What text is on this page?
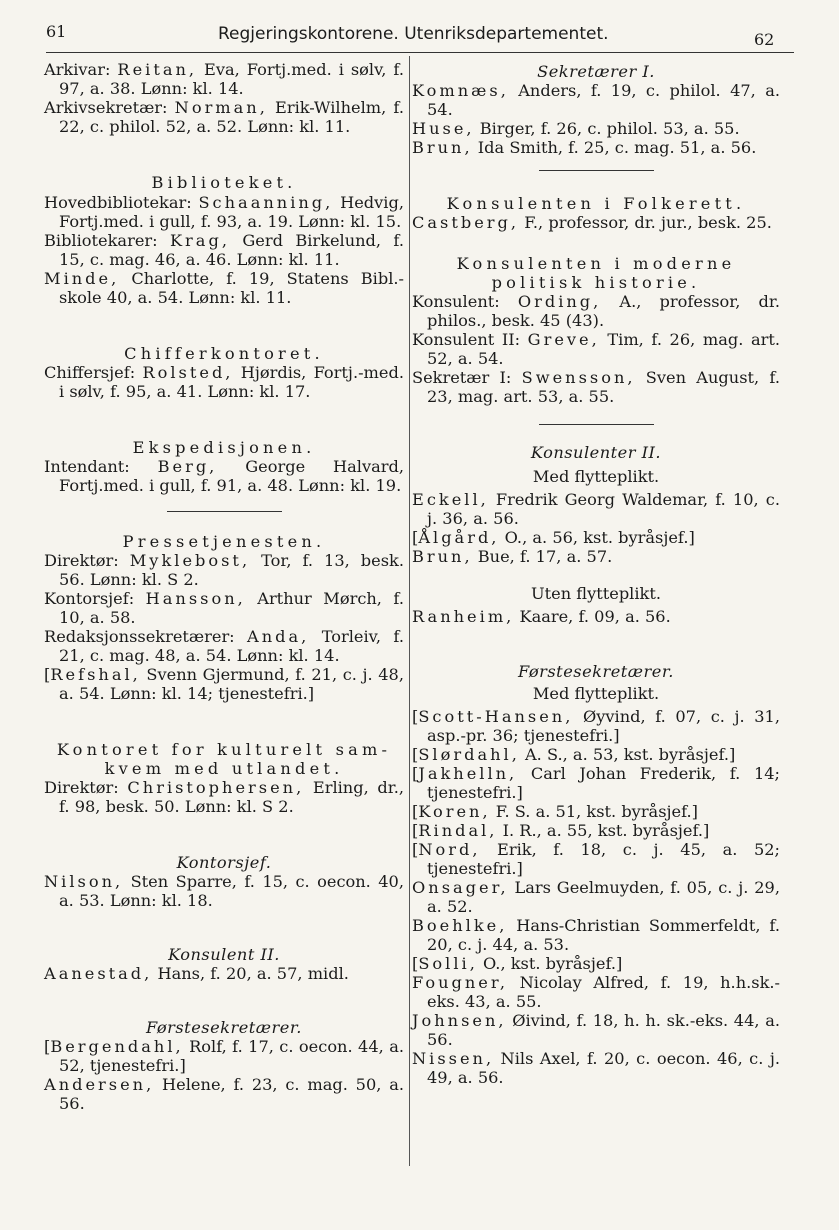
61	Regjeringskontorene. Utenriksdepartementet.	62

Arkivar: Reitan, Eva, Fortj.med. i sølv, f. 97, a. 38. Lønn: kl. 14.

Arkivsekretær: Norman, Erik-Wilhelm, f. 22, c. philol. 52, a. 52. Lønn: kl. 11.

Biblioteket.

Hovedbibliotekar: Schaanning, Hedvig, Fortj.med. i gull, f. 93, a. 19. Lønn: kl. 15.

Bibliotekarer: Krag, Gerd Birkelund, f. 15, c. mag. 46, a. 46. Lønn: kl. 11.

Minde, Charlotte, f. 19, Statens Bibl.-skole 40, a. 54. Lønn: kl. 11.

Chifferkontoret.

Chiffersjef: Rolsted, Hjørdis, Fortj.-med. i sølv, f. 95, a. 41. Lønn: kl. 17.

Ekspedisjonen.

Intendant: Berg, George Halvard, Fortj.med. i gull, f. 91, a. 48. Lønn: kl. 19.

Pressetjenesten.

Direktør: Myklebost, Tor, f. 13, besk. 56. Lønn: kl. S 2.

Kontorsjef: Hansson, Arthur Mørch, f. 10, a. 58.

Redaksjonssekretærer: Anda, Torleiv, f. 21, c. mag. 48, a. 54. Lønn: kl. 14.

[Refshal, Svenn Gjermund, f. 21, c. j. 48, a. 54. Lønn: kl. 14; tjenestefri.]

Kontoret for kulturelt sam-

kvem med utlandet.

Direktør: Christophersen, Erling, dr., f. 98, besk. 50. Lønn: kl. S 2.

Kontorsjef.

Nilson, Sten Sparre, f. 15, c. oecon. 40, a. 53. Lønn: kl. 18.

Konsulent II.

Aanestad, Hans, f. 20, a. 57, midl.

Førstesekretærer.

[Bergendahl, Rolf, f. 17, c. oecon. 44, a. 52, tjenestefri.]

Andersen, Helene, f. 23, c. mag. 50, a. 56.

Sekretærer I.

Komnæs, Anders, f. 19, c. philol. 47, a. 54.

Huse, Birger, f. 26, c. philol. 53, a. 55.

Brun, Ida Smith, f. 25, c. mag. 51, a. 56.

Konsulenten i Folkerett.

Castberg, F., professor, dr. jur., besk. 25.

Konsulenten i moderne

politisk historie.

Konsulent: Ording, A., professor, dr. philos., besk. 45 (43).

Konsulent II: Greve, Tim, f. 26, mag. art. 52, a. 54.

Sekretær I: Swensson, Sven August, f. 23, mag. art. 53, a. 55.

Konsulenter II.

Med flytteplikt.

Eckell, Fredrik Georg Waldemar, f. 10, c. j. 36, a. 56.

[Ålgård, O., a. 56, kst. byråsjef.]

Brun, Bue, f. 17, a. 57.

Uten flytteplikt.

Ranheim, Kaare, f. 09, a. 56.

Førstesekretærer.

Med flytteplikt.

[Scott-Hansen, Øyvind, f. 07, c. j. 31, asp.-pr. 36; tjenestefri.]

[Slørdahl, A. S., a. 53, kst. byråsjef.]

[Jakhelln, Carl Johan Frederik, f. 14; tjenestefri.]

[Koren, F. S. a. 51, kst. byråsjef.]

[Rindal, I. R., a. 55, kst. byråsjef.]

[Nord, Erik, f. 18, c. j. 45, a. 52; tjenestefri.]

Onsager, Lars Geelmuyden, f. 05, c. j. 29, a. 52.

Boehlke, Hans-Christian Sommerfeldt, f. 20, c. j. 44, a. 53.

[Solli, O., kst. byråsjef.]

Fougner, Nicolay Alfred, f. 19, h.h.sk.-eks. 43, a. 55.

Johnsen, Øivind, f. 18, h. h. sk.-eks. 44, a. 56.

Nissen, Nils Axel, f. 20, c. oecon. 46, c. j. 49, a. 56.
